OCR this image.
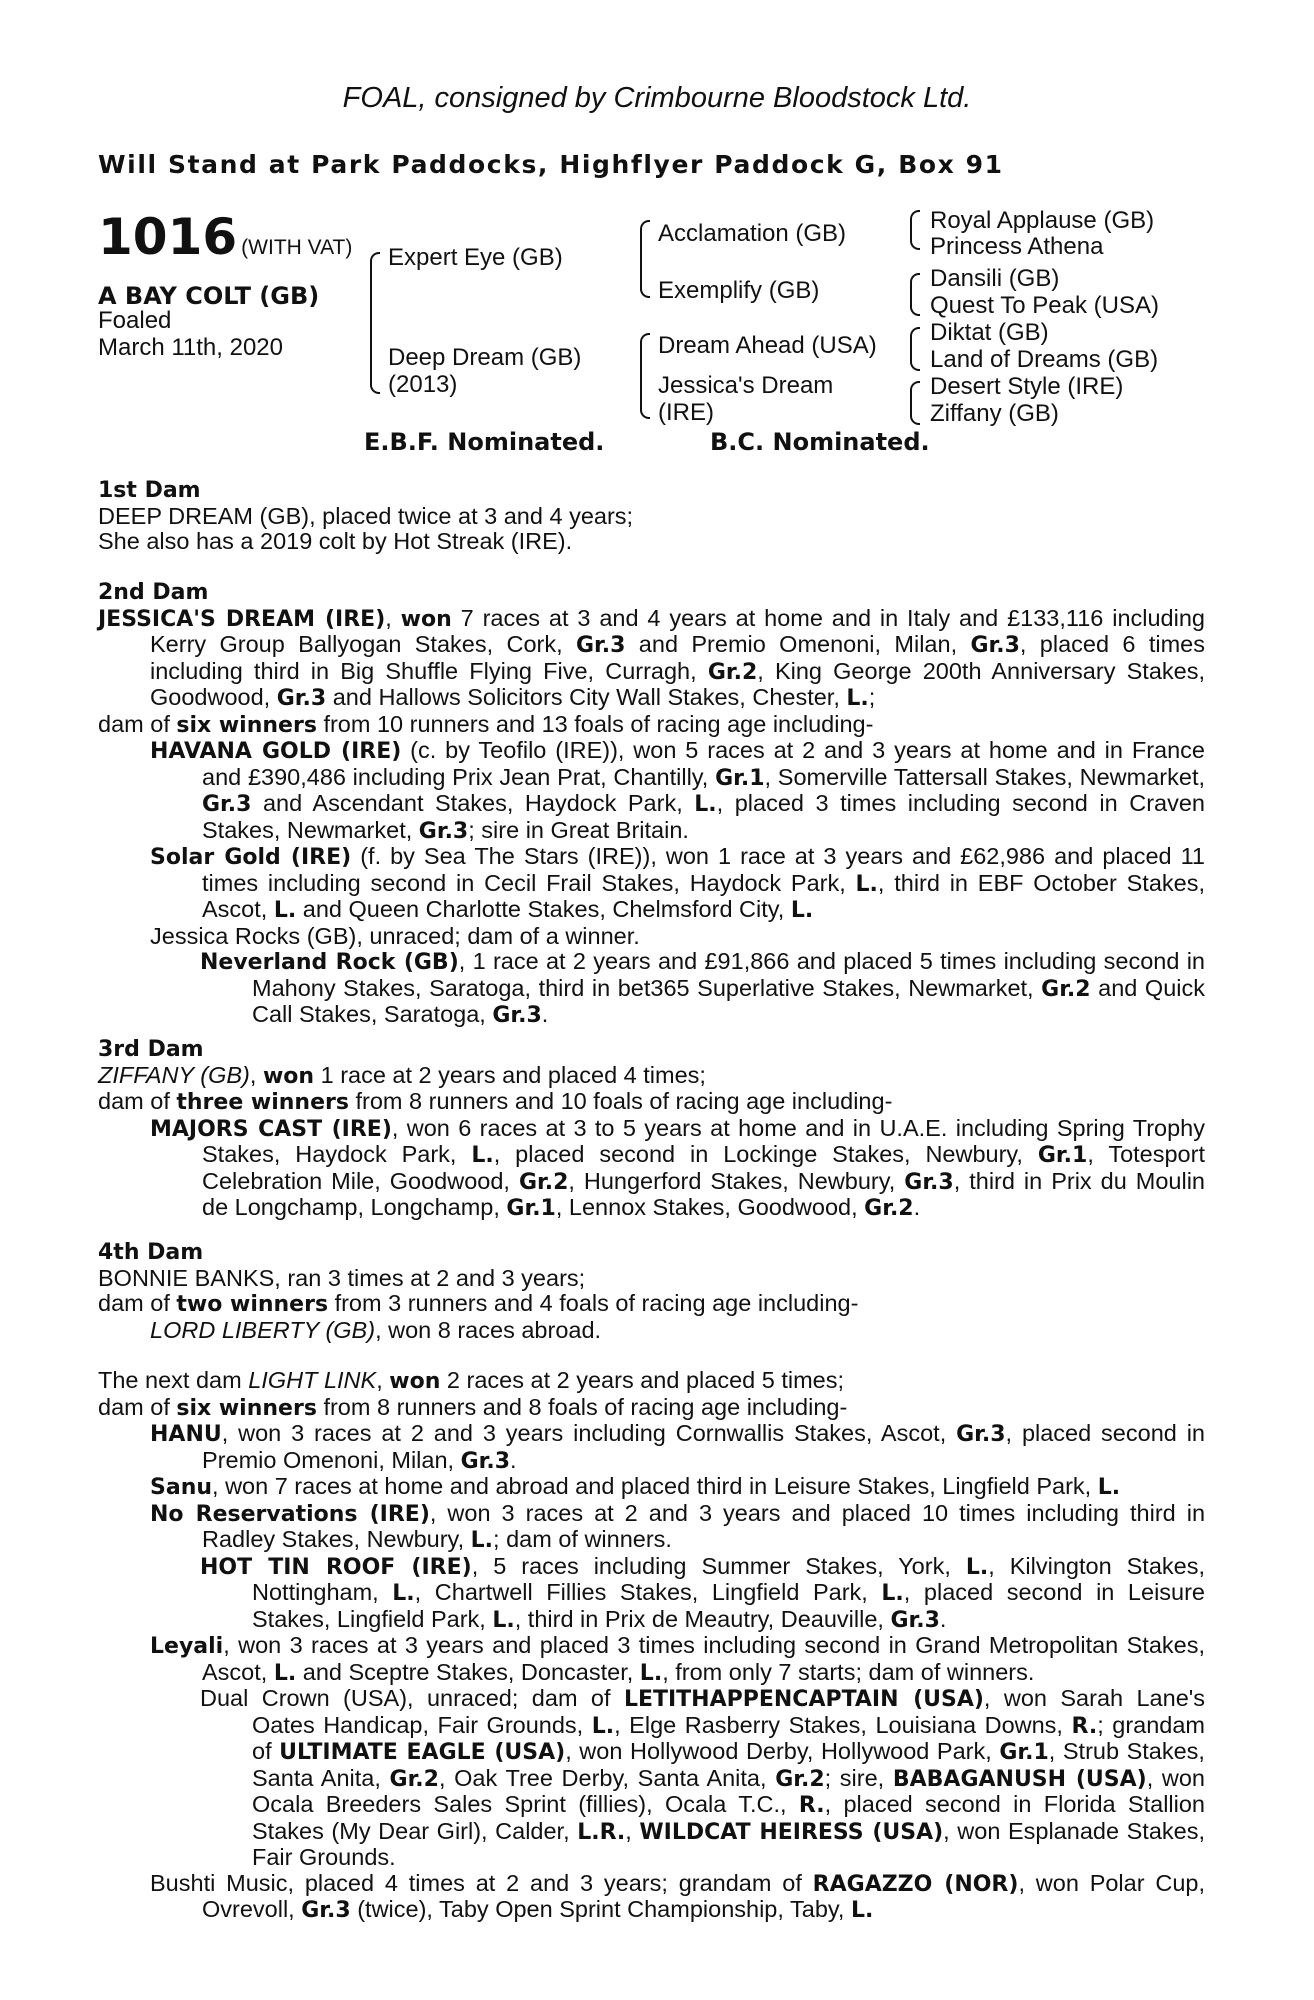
FOAL, consigned by Crimbourne Bloodstock Ltd.
Will Stand at Park Paddocks, Highflyer Paddock G, Box 91
1016 (WITH VAT)
A BAY COLT (GB)
Foaled
March 11th, 2020
Expert Eye (GB)
Deep Dream (GB)
(2013)
Acclamation (GB)
Exemplify (GB)
Dream Ahead (USA)
Jessica's Dream
(IRE)
Royal Applause (GB)
Princess Athena
Dansili (GB)
Quest To Peak (USA)
Diktat (GB)
Land of Dreams (GB)
Desert Style (IRE)
Ziffany (GB)
E.B.F. Nominated.	B.C. Nominated.
1st Dam

DEEP DREAM (GB), placed twice at 3 and 4 years;

She also has a 2019 colt by Hot Streak (IRE).

2nd Dam

JESSICA'S DREAM (IRE), won 7 races at 3 and 4 years at home and in Italy and £133,116 including Kerry Group Ballyogan Stakes, Cork, Gr.3 and Premio Omenoni, Milan, Gr.3, placed 6 times including third in Big Shuffle Flying Five, Curragh, Gr.2, King George 200th Anniversary Stakes, Goodwood, Gr.3 and Hallows Solicitors City Wall Stakes, Chester, L.;

dam of six winners from 10 runners and 13 foals of racing age including-

HAVANA GOLD (IRE) (c. by Teofilo (IRE)), won 5 races at 2 and 3 years at home and in France and £390,486 including Prix Jean Prat, Chantilly, Gr.1, Somerville Tattersall Stakes, Newmarket, Gr.3 and Ascendant Stakes, Haydock Park, L., placed 3 times including second in Craven Stakes, Newmarket, Gr.3; sire in Great Britain.

Solar Gold (IRE) (f. by Sea The Stars (IRE)), won 1 race at 3 years and £62,986 and placed 11 times including second in Cecil Frail Stakes, Haydock Park, L., third in EBF October Stakes, Ascot, L. and Queen Charlotte Stakes, Chelmsford City, L.

Jessica Rocks (GB), unraced; dam of a winner.

Neverland Rock (GB), 1 race at 2 years and £91,866 and placed 5 times including second in Mahony Stakes, Saratoga, third in bet365 Superlative Stakes, Newmarket, Gr.2 and Quick Call Stakes, Saratoga, Gr.3.

3rd Dam

ZIFFANY (GB), won 1 race at 2 years and placed 4 times;

dam of three winners from 8 runners and 10 foals of racing age including-

MAJORS CAST (IRE), won 6 races at 3 to 5 years at home and in U.A.E. including Spring Trophy Stakes, Haydock Park, L., placed second in Lockinge Stakes, Newbury, Gr.1, Totesport Celebration Mile, Goodwood, Gr.2, Hungerford Stakes, Newbury, Gr.3, third in Prix du Moulin de Longchamp, Longchamp, Gr.1, Lennox Stakes, Goodwood, Gr.2.

4th Dam

BONNIE BANKS, ran 3 times at 2 and 3 years;

dam of two winners from 3 runners and 4 foals of racing age including-

LORD LIBERTY (GB), won 8 races abroad.

The next dam LIGHT LINK, won 2 races at 2 years and placed 5 times;

dam of six winners from 8 runners and 8 foals of racing age including-

HANU, won 3 races at 2 and 3 years including Cornwallis Stakes, Ascot, Gr.3, placed second in Premio Omenoni, Milan, Gr.3.

Sanu, won 7 races at home and abroad and placed third in Leisure Stakes, Lingfield Park, L.

No Reservations (IRE), won 3 races at 2 and 3 years and placed 10 times including third in Radley Stakes, Newbury, L.; dam of winners.

HOT TIN ROOF (IRE), 5 races including Summer Stakes, York, L., Kilvington Stakes, Nottingham, L., Chartwell Fillies Stakes, Lingfield Park, L., placed second in Leisure Stakes, Lingfield Park, L., third in Prix de Meautry, Deauville, Gr.3.

Leyali, won 3 races at 3 years and placed 3 times including second in Grand Metropolitan Stakes, Ascot, L. and Sceptre Stakes, Doncaster, L., from only 7 starts; dam of winners.

Dual Crown (USA), unraced; dam of LETITHAPPENCAPTAIN (USA), won Sarah Lane's Oates Handicap, Fair Grounds, L., Elge Rasberry Stakes, Louisiana Downs, R.; grandam of ULTIMATE EAGLE (USA), won Hollywood Derby, Hollywood Park, Gr.1, Strub Stakes, Santa Anita, Gr.2, Oak Tree Derby, Santa Anita, Gr.2; sire, BABAGANUSH (USA), won Ocala Breeders Sales Sprint (fillies), Ocala T.C., R., placed second in Florida Stallion Stakes (My Dear Girl), Calder, L.R., WILDCAT HEIRESS (USA), won Esplanade Stakes, Fair Grounds.

Bushti Music, placed 4 times at 2 and 3 years; grandam of RAGAZZO (NOR), won Polar Cup, Ovrevoll, Gr.3 (twice), Taby Open Sprint Championship, Taby, L.
